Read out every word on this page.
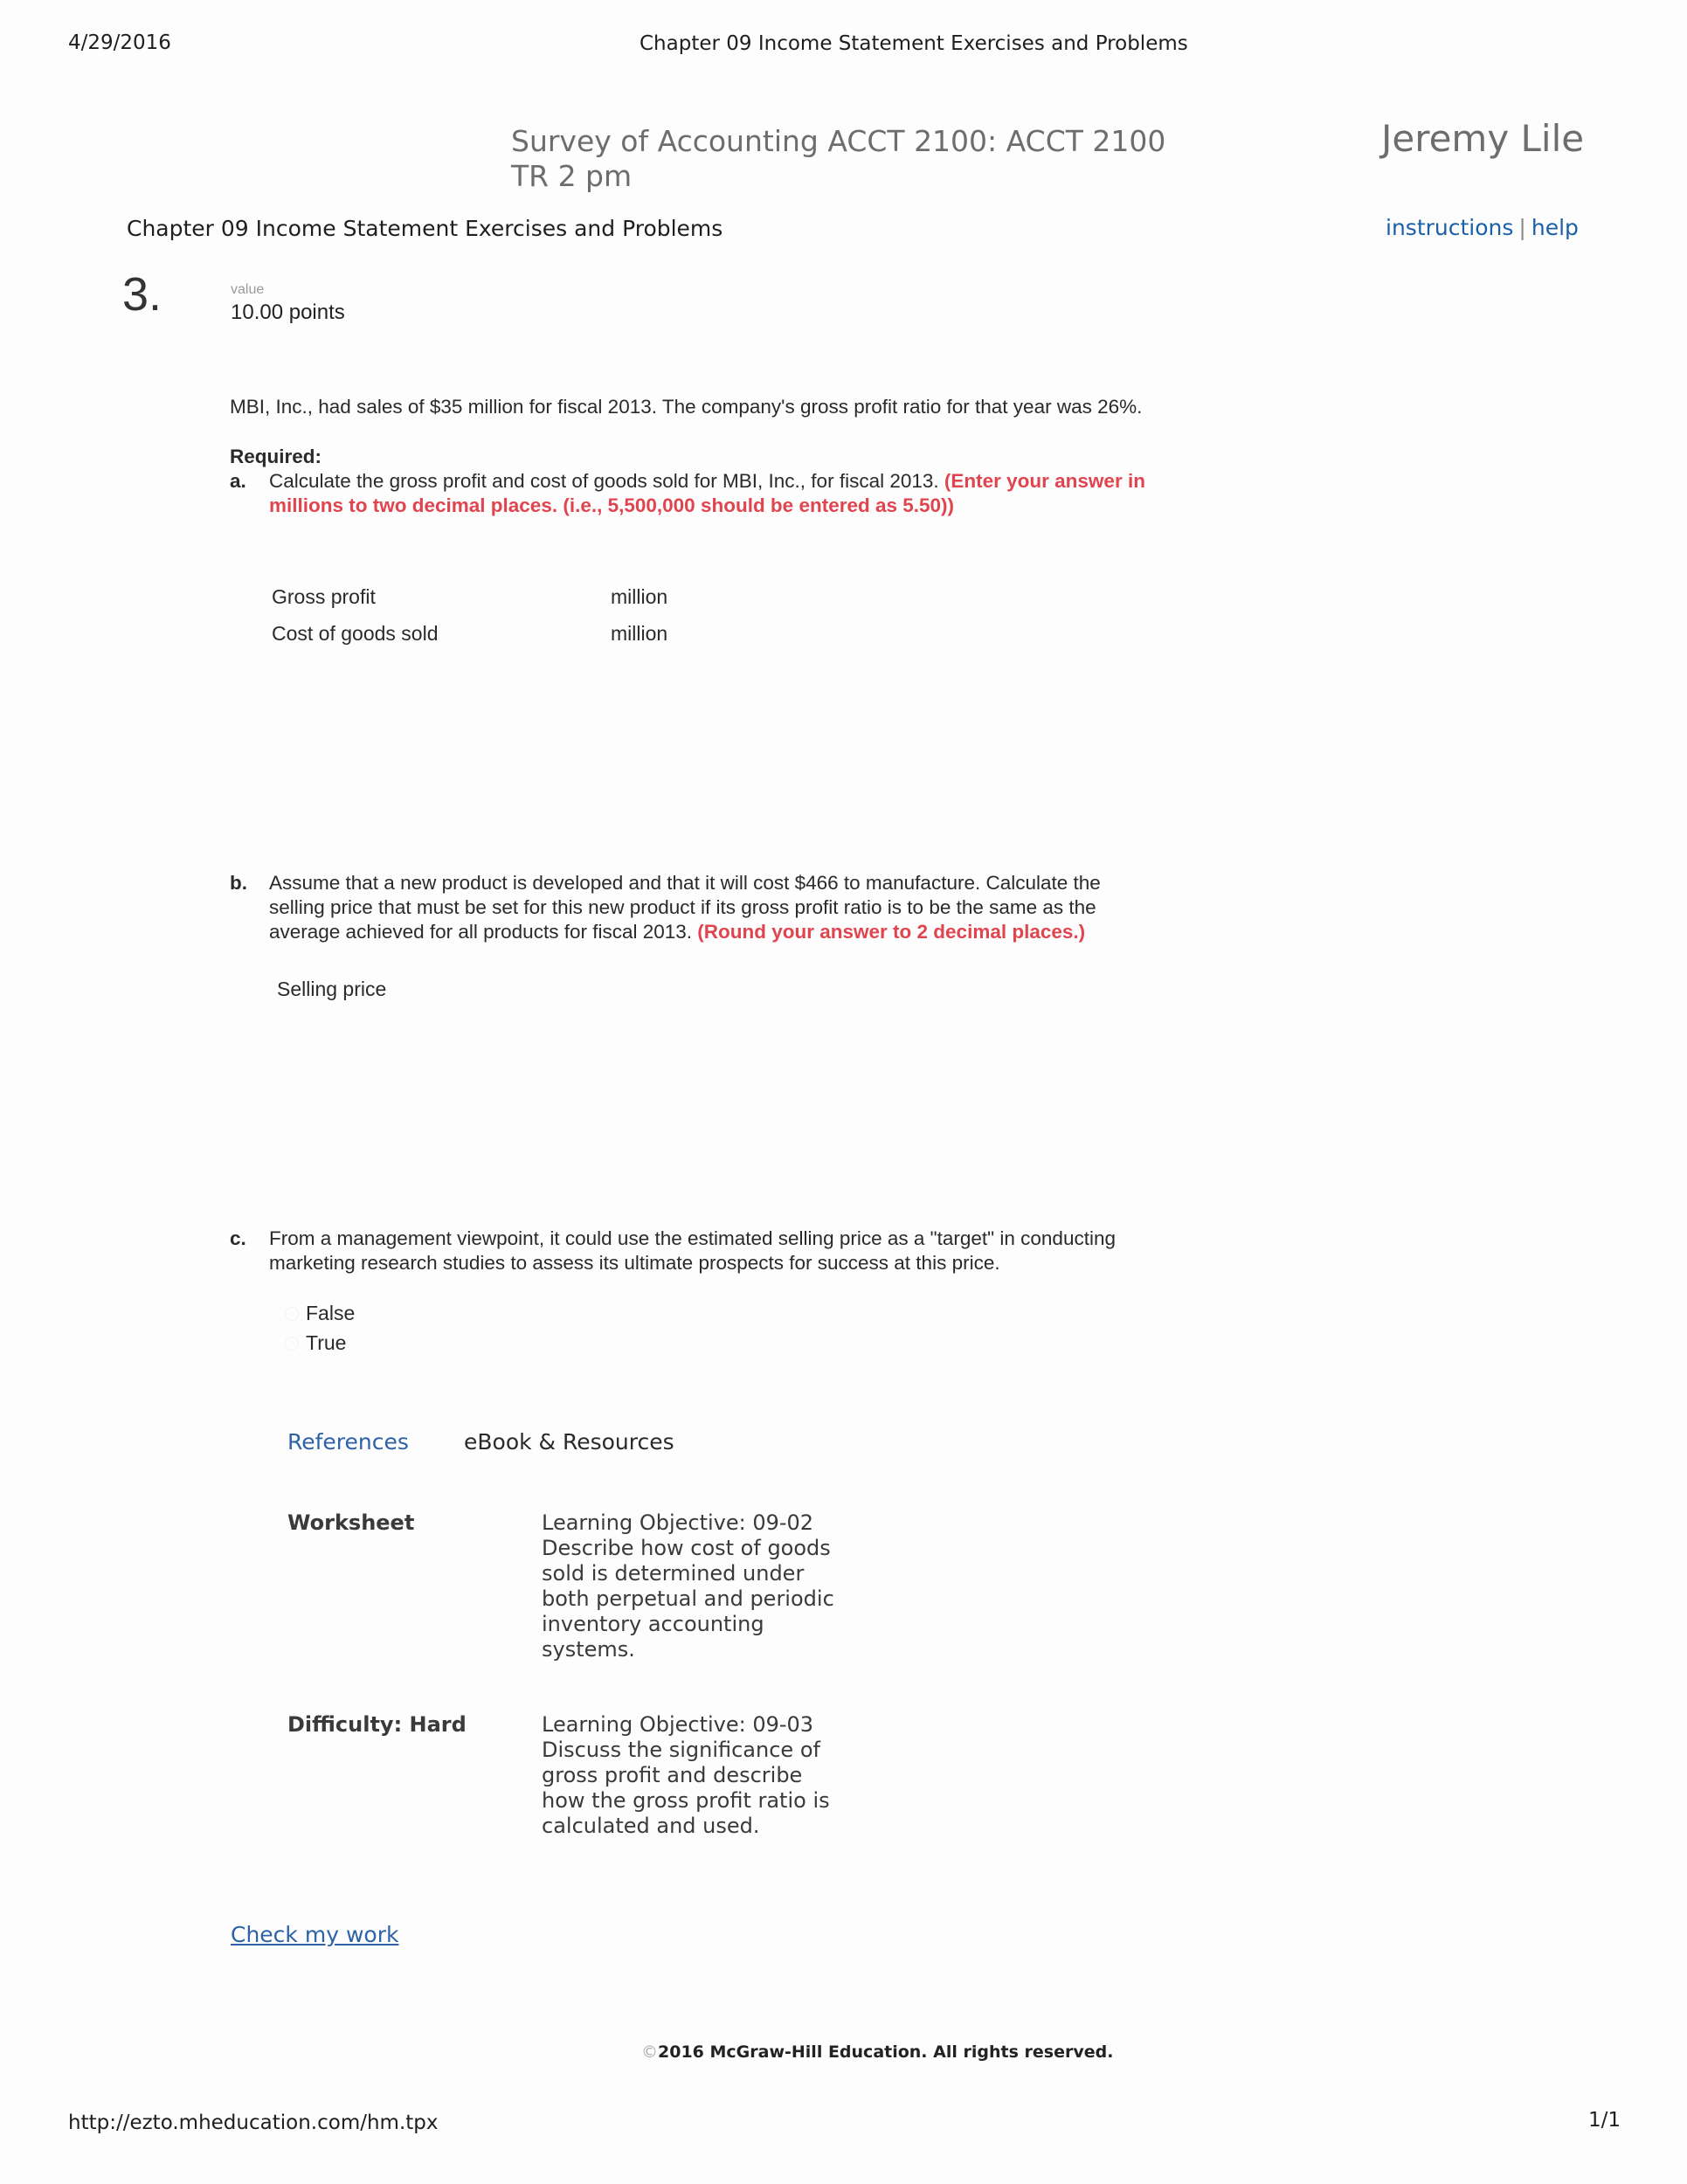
4/29/2016	Chapter 09 Income Statement Exercises and Problems
Survey of Accounting ACCT 2100: ACCT 2100
TR 2 pm
Jeremy Lile
Chapter 09 Income Statement Exercises and Problems	instructions | help
3.	value
10.00 points
MBI, Inc., had sales of $35 million for fiscal 2013. The company's gross profit ratio for that year was 26%.
Required:
a. Calculate the gross profit and cost of goods sold for MBI, Inc., for fiscal 2013. (Enter your answer in
millions to two decimal places. (i.e., 5,500,000 should be entered as 5.50))
Gross profit	million
Cost of goods sold	million
b. Assume that a new product is developed and that it will cost $466 to manufacture. Calculate the
selling price that must be set for this new product if its gross profit ratio is to be the same as the
average achieved for all products for fiscal 2013. (Round your answer to 2 decimal places.)
Selling price
c. From a management viewpoint, it could use the estimated selling price as a "target" in conducting
marketing research studies to assess its ultimate prospects for success at this price.
False
True
References	eBook & Resources
Worksheet	Learning Objective: 09-02
Describe how cost of goods
sold is determined under
both perpetual and periodic
inventory accounting
systems.
Difficulty: Hard	Learning Objective: 09-03
Discuss the significance of
gross profit and describe
how the gross profit ratio is
calculated and used.
Check my work
©2016 McGraw-Hill Education. All rights reserved.
http://ezto.mheducation.com/hm.tpx	1/1
